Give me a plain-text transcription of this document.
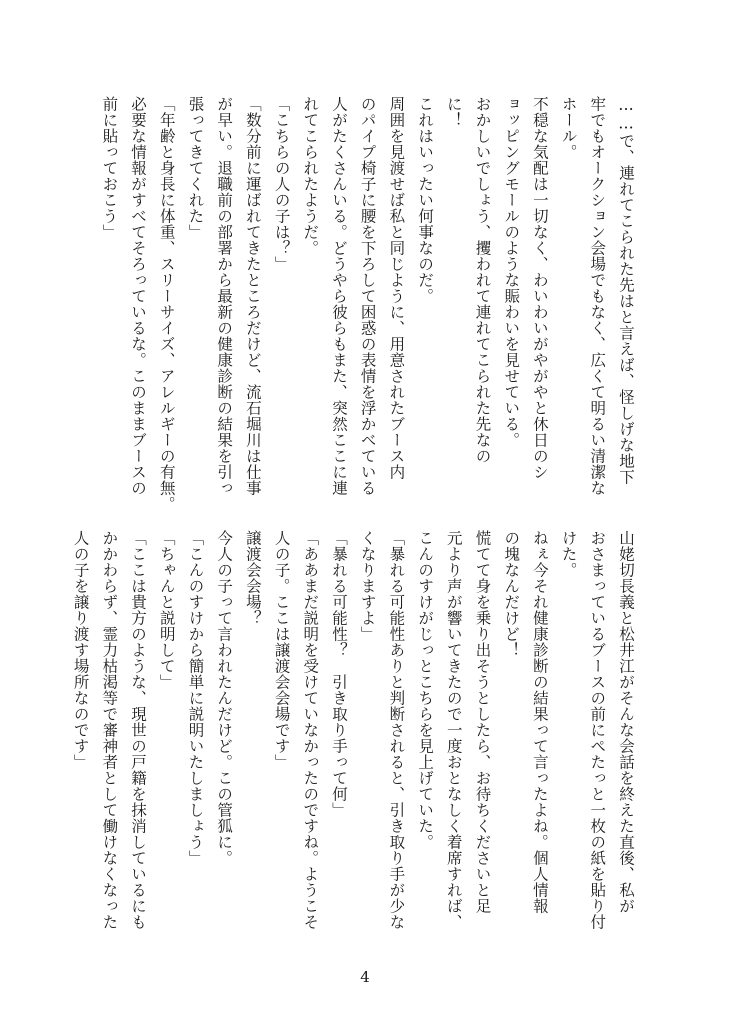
……で、連れてこられた先はと言えば、怪しげな地下

牢でもオークション会場でもなく、広くて明るい清潔な

ホール。

不穏な気配は一切なく、わいわいがやがやと休日のシ

ョッピングモールのような賑わいを見せている。

おかしいでしょう、攫われて連れてこられた先なの

に！

これはいったい何事なのだ。

周囲を見渡せば私と同じように、用意されたブース内

のパイプ椅子に腰を下ろして困惑の表情を浮かべている

人がたくさんいる。どうやら彼らもまた、突然ここに連

れてこられたようだ。

「こちらの人の子は？」

「数分前に運ばれてきたところだけど、流石堀川は仕事

が早い。退職前の部署から最新の健康診断の結果を引っ

張ってきてくれた」

「年齢と身長に体重、スリーサイズ、アレルギーの有無。

必要な情報がすべてそろっているな。このままブースの

前に貼っておこう」

山姥切長義と松井江がそんな会話を終えた直後、私が

おさまっているブースの前にぺたっと一枚の紙を貼り付

けた。

ねぇ今それ健康診断の結果って言ったよね。個人情報

の塊なんだけど！

慌てて身を乗り出そうとしたら、お待ちくださいと足

元より声が響いてきたので一度おとなしく着席すれば、

こんのすけがじっとこちらを見上げていた。

「暴れる可能性ありと判断されると、引き取り手が少な

くなりますよ」

「暴れる可能性？　引き取り手って何」

「ああまだ説明を受けていなかったのですね。ようこそ

人の子。ここは譲渡会会場です」

譲渡会会場？

今人の子って言われたんだけど。この管狐に。

「こんのすけから簡単に説明いたしましょう」

「ちゃんと説明して」

「ここは貴方のような、現世の戸籍を抹消しているにも

かかわらず、霊力枯渇等で審神者として働けなくなった

人の子を譲り渡す場所なのです」

4
